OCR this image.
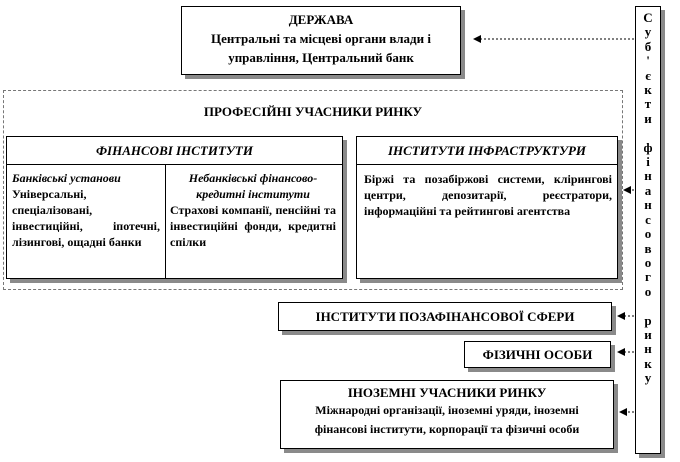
ДЕРЖАВА
Центральні та місцеві органи влади і
управління, Центральний банк
ПРОФЕСІЙНІ УЧАСНИКИ РИНКУ
ФІНАНСОВІ ІНСТИТУТИ
Банківські установи
Універсальні, спеціалізовані, інвестиційні, іпотечні, лізингові, ощадні банки
Небанківські фінансово-
кредитні інститути
Страхові компанії, пенсійні та інвестиційні фонди, кредитні спілки
ІНСТИТУТИ ІНФРАСТРУКТУРИ
Біржі та позабіржові системи, клірингові центри, депозитарії, реєстратори, інформаційні та рейтингові агентства
ІНСТИТУТИ ПОЗАФІНАНСОВОЇ СФЕРИ
ФІЗИЧНІ ОСОБИ
ІНОЗЕМНІ УЧАСНИКИ РИНКУ
Міжнародні організації, іноземні уряди, іноземні
фінансові інститути, корпорації та фізичні особи
С
у
б
'
є
к
т
и

ф
і
н
а
н
с
о
в
о
г
о

р
и
н
к
у
